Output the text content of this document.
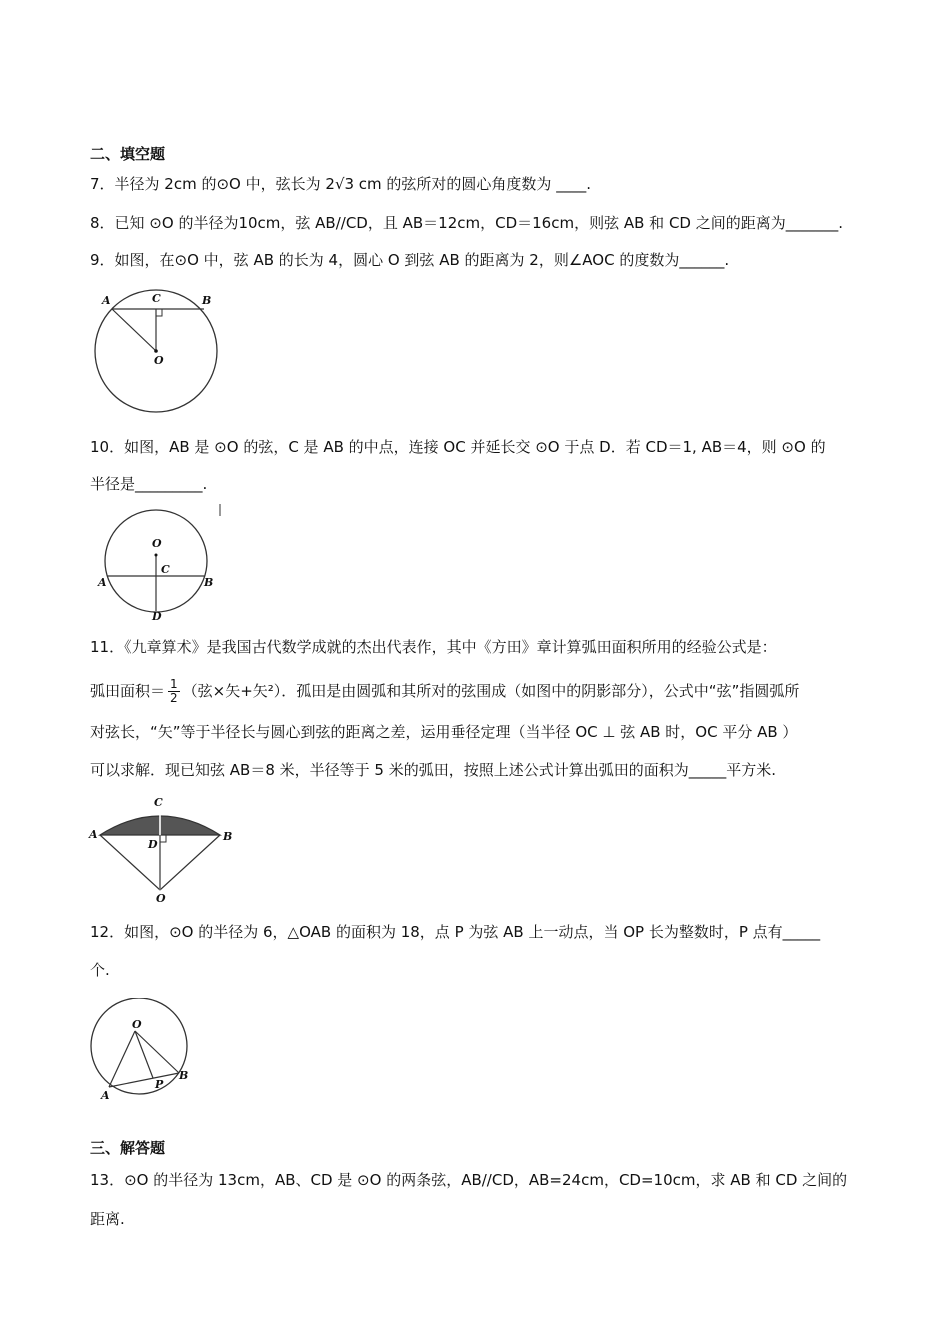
二、填空题
7．半径为 2cm 的⊙O 中，弦长为 2√3 cm 的弦所对的圆心角度数为 ____.
8．已知 ⊙O 的半径为10cm，弦 AB//CD，且 AB＝12cm，CD＝16cm，则弦 AB 和 CD 之间的距离为_______.
9．如图，在⊙O 中，弦 AB 的长为 4，圆心 O 到弦 AB 的距离为 2，则∠AOC 的度数为______.
A	C	B
O
10．如图，AB 是 ⊙O 的弦，C 是 AB 的中点，连接 OC 并延长交 ⊙O 于点 D．若 CD＝1, AB＝4，则 ⊙O 的
半径是_________.
O
C
A	B
D
11．《九章算术》是我国古代数学成就的杰出代表作，其中《方田》章计算弧田面积所用的经验公式是：
弧田面积＝ $\frac{1}{2}$ （弦×矢+矢²）．孤田是由圆弧和其所对的弦围成（如图中的阴影部分），公式中“弦”指圆弧所
对弦长，“矢”等于半径长与圆心到弦的距离之差，运用垂径定理（当半径 OC ⊥ 弦 AB 时，OC 平分 AB ）
可以求解．现已知弦 AB＝8 米，半径等于 5 米的弧田，按照上述公式计算出弧田的面积为_____平方米.
C
A	B
D
O
12．如图，⊙O 的半径为 6，△OAB 的面积为 18，点 P 为弦 AB 上一动点，当 OP 长为整数时，P 点有_____
个.
O
A
B
P
三、解答题
13．⊙O 的半径为 13cm，AB、CD 是 ⊙O 的两条弦，AB//CD，AB=24cm，CD=10cm，求 AB 和 CD 之间的
距离.
